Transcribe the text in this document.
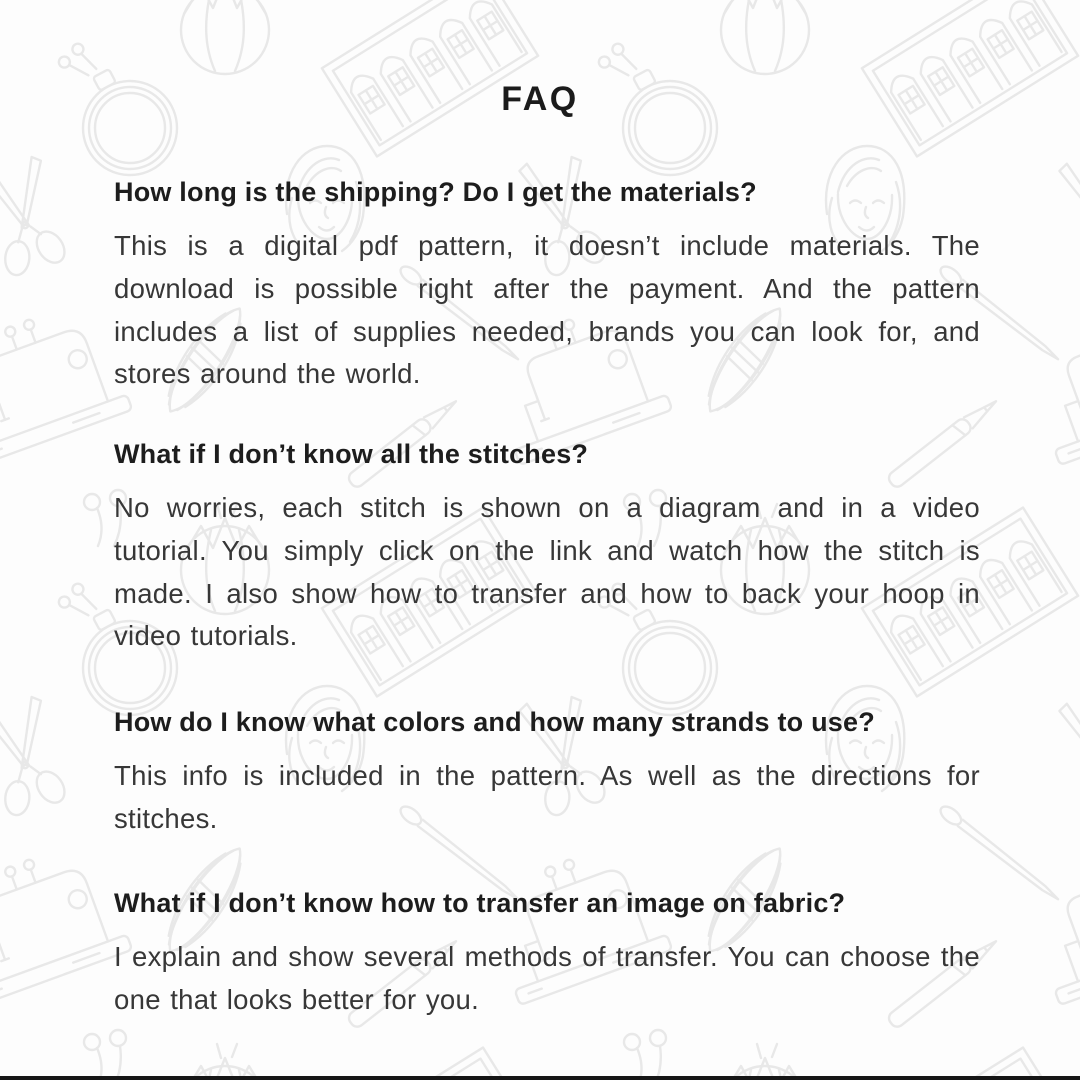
FAQ

How long is the shipping? Do I get the materials?

This is a digital pdf pattern, it doesn’t include materials. The download is possible right after the payment. And the pattern includes a list of supplies needed, brands you can look for, and stores around the world.

What if I don’t know all the stitches?

No worries, each stitch is shown on a diagram and in a video tutorial. You simply click on the link and watch how the stitch is made. I also show how to transfer and how to back your hoop in video tutorials.

How do I know what colors and how many strands to use?

This info is included in the pattern. As well as the directions for stitches.

What if I don’t know how to transfer an image on fabric?

I explain and show several methods of transfer. You can choose the one that looks better for you.
